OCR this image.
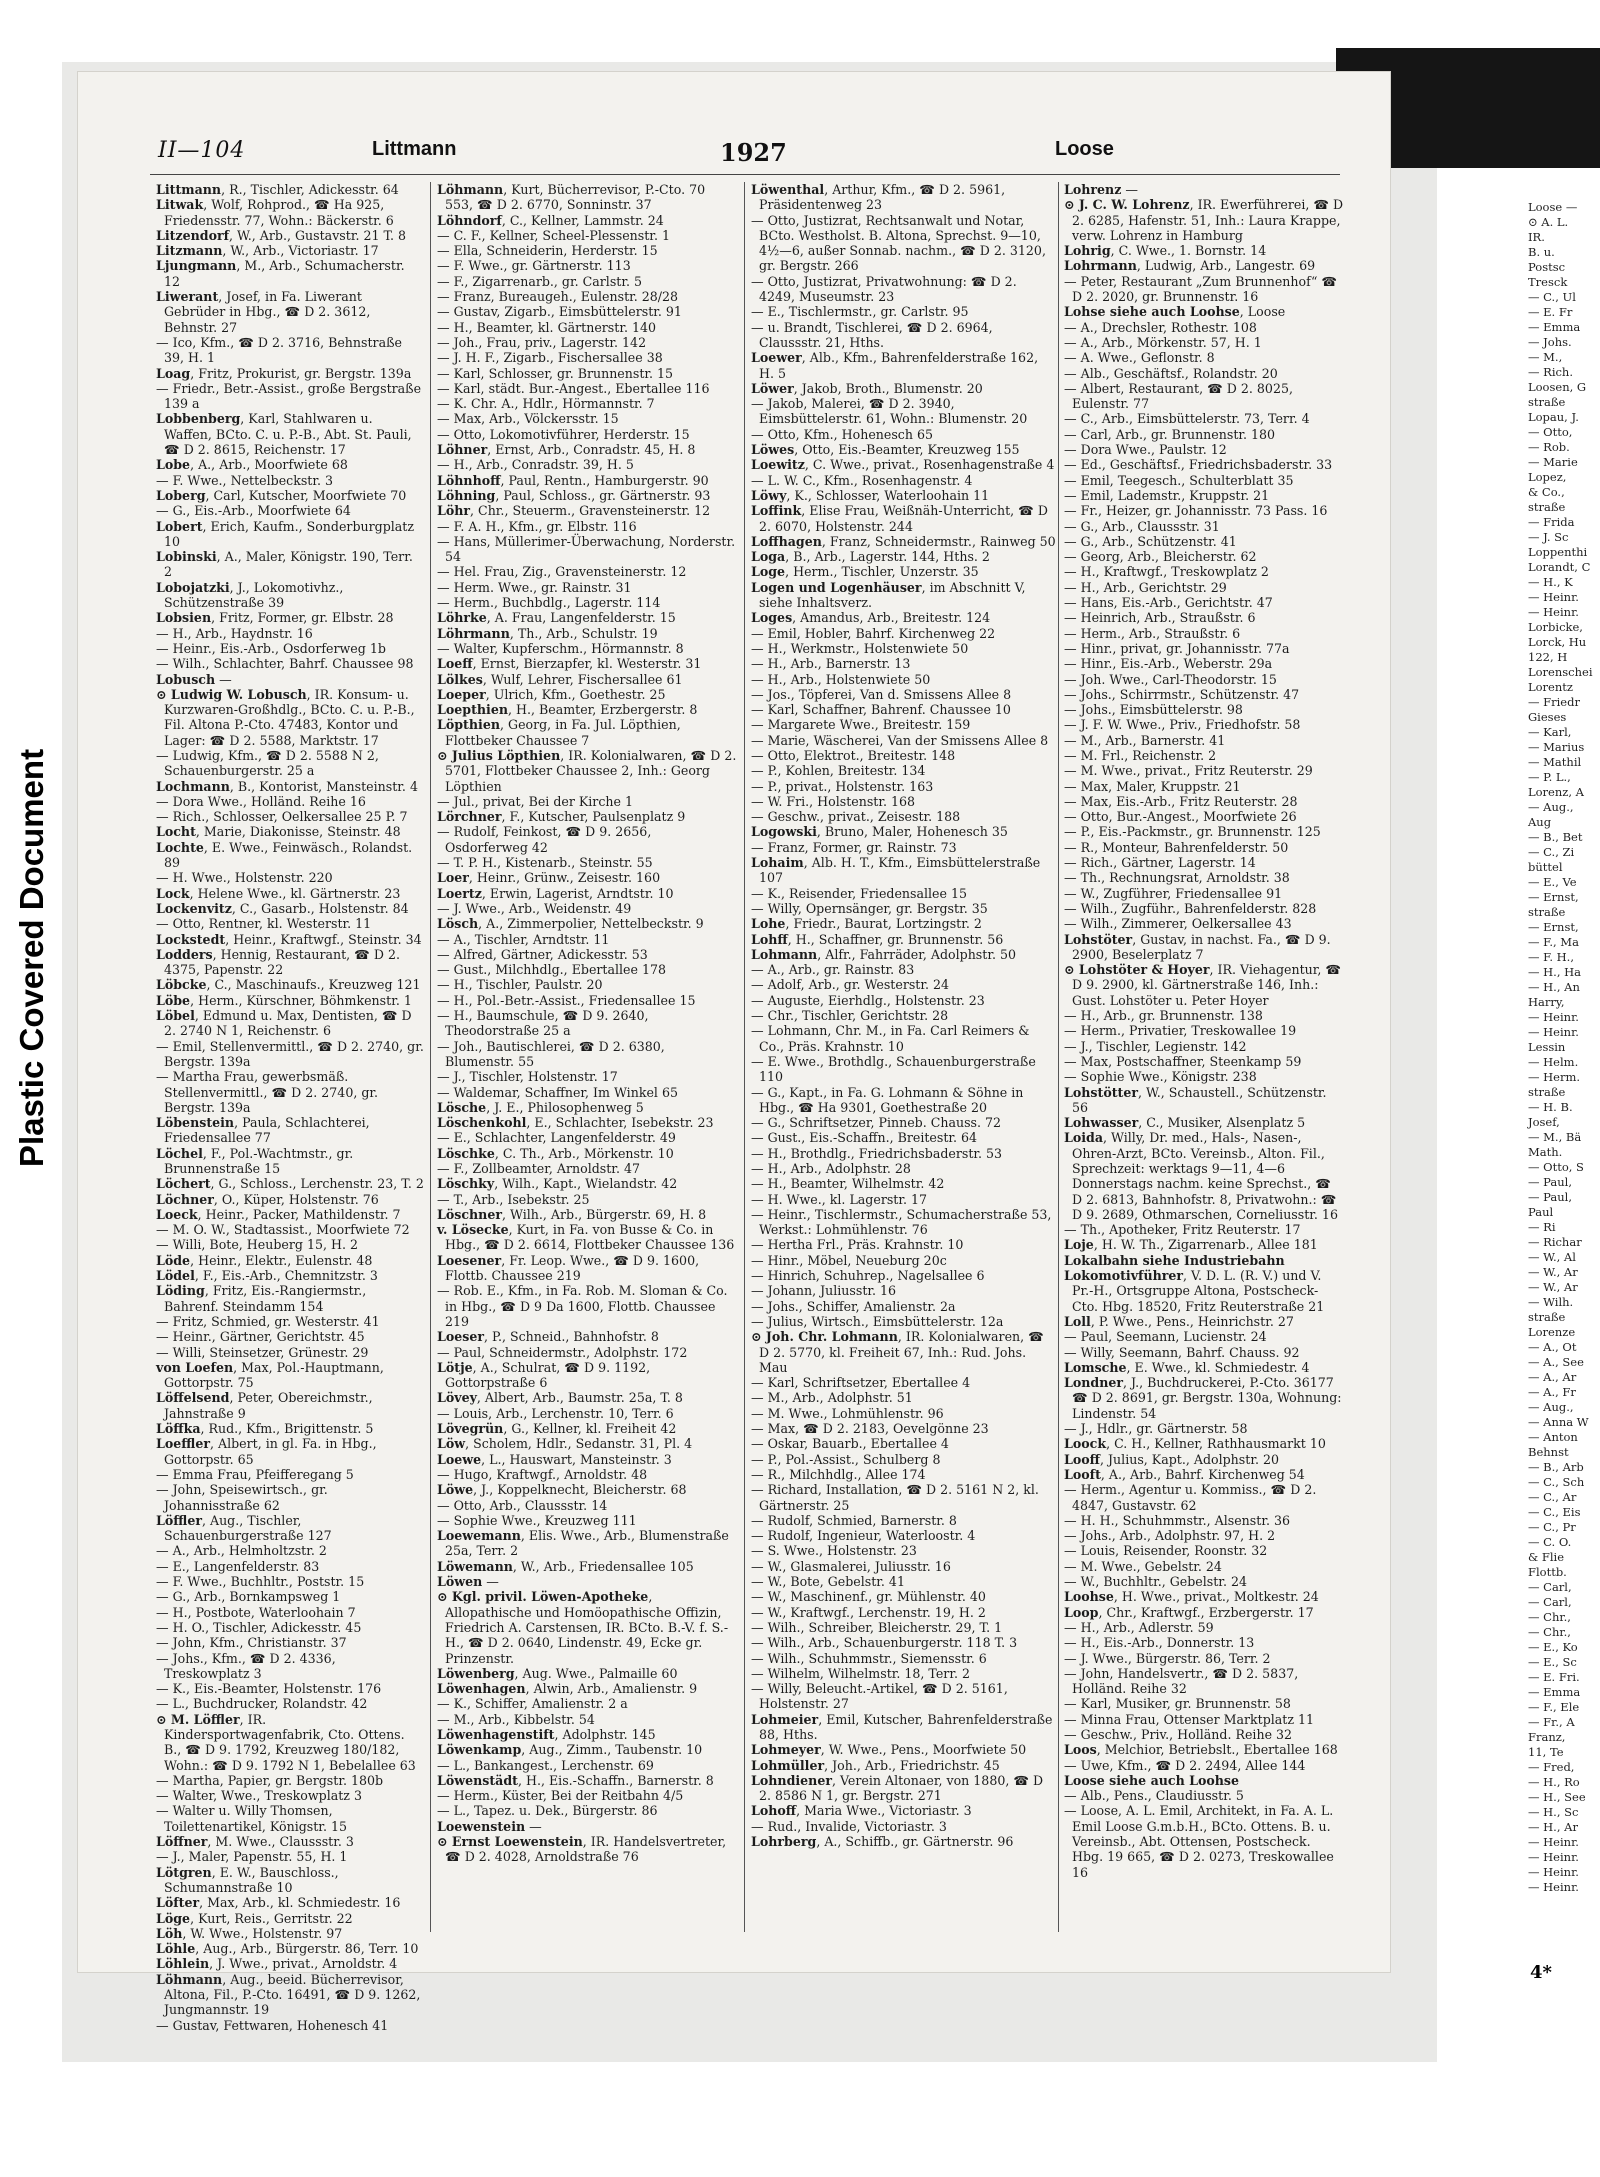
Plastic Covered Document
II—104	Littmann	1927	Loose

Littmann, R., Tischler, Adickesstr. 64

Litwak, Wolf, Rohprod., ☎ Ha 925, Friedensstr. 77, Wohn.: Bäckerstr. 6

Litzendorf, W., Arb., Gustavstr. 21 T. 8

Litzmann, W., Arb., Victoriastr. 17

Ljungmann, M., Arb., Schumacherstr. 12

Liwerant, Josef, in Fa. Liwerant Gebrüder in Hbg., ☎ D 2. 3612, Behnstr. 27

— Ico, Kfm., ☎ D 2. 3716, Behnstraße 39, H. 1

Loag, Fritz, Prokurist, gr. Bergstr. 139a

— Friedr., Betr.-Assist., große Bergstraße 139 a

Lobbenberg, Karl, Stahlwaren u. Waffen, BCto. C. u. P.-B., Abt. St. Pauli, ☎ D 2. 8615, Reichenstr. 17

Lobe, A., Arb., Moorfwiete 68

— F. Wwe., Nettelbeckstr. 3

Loberg, Carl, Kutscher, Moorfwiete 70

— G., Eis.-Arb., Moorfwiete 64

Lobert, Erich, Kaufm., Sonderburgplatz 10

Lobinski, A., Maler, Königstr. 190, Terr. 2

Lobojatzki, J., Lokomotivhz., Schützenstraße 39

Lobsien, Fritz, Former, gr. Elbstr. 28

— H., Arb., Haydnstr. 16

— Heinr., Eis.-Arb., Osdorferweg 1b

— Wilh., Schlachter, Bahrf. Chaussee 98

Lobusch —

⊙ Ludwig W. Lobusch, IR. Konsum- u. Kurzwaren-Großhdlg., BCto. C. u. P.-B., Fil. Altona P.-Cto. 47483, Kontor und Lager: ☎ D 2. 5588, Marktstr. 17

— Ludwig, Kfm., ☎ D 2. 5588 N 2, Schauenburgerstr. 25 a

Lochmann, B., Kontorist, Mansteinstr. 4

— Dora Wwe., Holländ. Reihe 16

— Rich., Schlosser, Oelkersallee 25 P. 7

Locht, Marie, Diakonisse, Steinstr. 48

Lochte, E. Wwe., Feinwäsch., Rolandst. 89

— H. Wwe., Holstenstr. 220

Lock, Helene Wwe., kl. Gärtnerstr. 23

Lockenvitz, C., Gasarb., Holstenstr. 84

— Otto, Rentner, kl. Westerstr. 11

Lockstedt, Heinr., Kraftwgf., Steinstr. 34

Lodders, Hennig, Restaurant, ☎ D 2. 4375, Papenstr. 22

Löbcke, C., Maschinaufs., Kreuzweg 121

Löbe, Herm., Kürschner, Böhmkenstr. 1

Löbel, Edmund u. Max, Dentisten, ☎ D 2. 2740 N 1, Reichenstr. 6

— Emil, Stellenvermittl., ☎ D 2. 2740, gr. Bergstr. 139a

— Martha Frau, gewerbsmäß. Stellenvermittl., ☎ D 2. 2740, gr. Bergstr. 139a

Löbenstein, Paula, Schlachterei, Friedensallee 77

Löchel, F., Pol.-Wachtmstr., gr. Brunnenstraße 15

Löchert, G., Schloss., Lerchenstr. 23, T. 2

Löchner, O., Küper, Holstenstr. 76

Loeck, Heinr., Packer, Mathildenstr. 7

— M. O. W., Stadtassist., Moorfwiete 72

— Willi, Bote, Heuberg 15, H. 2

Löde, Heinr., Elektr., Eulenstr. 48

Lödel, F., Eis.-Arb., Chemnitzstr. 3

Löding, Fritz, Eis.-Rangiermstr., Bahrenf. Steindamm 154

— Fritz, Schmied, gr. Westerstr. 41

— Heinr., Gärtner, Gerichtstr. 45

— Willi, Steinsetzer, Grünestr. 29

von Loefen, Max, Pol.-Hauptmann, Gottorpstr. 75

Löffelsend, Peter, Obereichmstr., Jahnstraße 9

Löffka, Rud., Kfm., Brigittenstr. 5

Loeffler, Albert, in gl. Fa. in Hbg., Gottorpstr. 65

— Emma Frau, Pfeifferegang 5

— John, Speisewirtsch., gr. Johannisstraße 62

Löffler, Aug., Tischler, Schauenburgerstraße 127

— A., Arb., Helmholtzstr. 2

— E., Langenfelderstr. 83

— F. Wwe., Buchhltr., Poststr. 15

— G., Arb., Bornkampsweg 1

— H., Postbote, Waterloohain 7

— H. O., Tischler, Adickesstr. 45

— John, Kfm., Christianstr. 37

— Johs., Kfm., ☎ D 2. 4336, Treskowplatz 3

— K., Eis.-Beamter, Holstenstr. 176

— L., Buchdrucker, Rolandstr. 42

⊙ M. Löffler, IR. Kindersportwagenfabrik, Cto. Ottens. B., ☎ D 9. 1792, Kreuzweg 180/182, Wohn.: ☎ D 9. 1792 N 1, Bebelallee 63

— Martha, Papier, gr. Bergstr. 180b

— Walter, Wwe., Treskowplatz 3

— Walter u. Willy Thomsen, Toilettenartikel, Königstr. 15

Löffner, M. Wwe., Claussstr. 3

— J., Maler, Papenstr. 55, H. 1

Lötgren, E. W., Bauschloss., Schumannstraße 10

Löfter, Max, Arb., kl. Schmiedestr. 16

Löge, Kurt, Reis., Gerritstr. 22

Löh, W. Wwe., Holstenstr. 97

Löhle, Aug., Arb., Bürgerstr. 86, Terr. 10

Löhlein, J. Wwe., privat., Arnoldstr. 4

Löhmann, Aug., beeid. Bücherrevisor, Altona, Fil., P.-Cto. 16491, ☎ D 9. 1262, Jungmannstr. 19

— Gustav, Fettwaren, Hohenesch 41

Löhmann, Kurt, Bücherrevisor, P.-Cto. 70 553, ☎ D 2. 6770, Sonninstr. 37

Löhndorf, C., Kellner, Lammstr. 24

— C. F., Kellner, Scheel-Plessenstr. 1

— Ella, Schneiderin, Herderstr. 15

— F. Wwe., gr. Gärtnerstr. 113

— F., Zigarrenarb., gr. Carlstr. 5

— Franz, Bureaugeh., Eulenstr. 28/28

— Gustav, Zigarb., Eimsbüttelerstr. 91

— H., Beamter, kl. Gärtnerstr. 140

— Joh., Frau, priv., Lagerstr. 142

— J. H. F., Zigarb., Fischersallee 38

— Karl, Schlosser, gr. Brunnenstr. 15

— Karl, städt. Bur.-Angest., Ebertallee 116

— K. Chr. A., Hdlr., Hörmannstr. 7

— Max, Arb., Völckersstr. 15

— Otto, Lokomotivführer, Herderstr. 15

Löhner, Ernst, Arb., Conradstr. 45, H. 8

— H., Arb., Conradstr. 39, H. 5

Löhnhoff, Paul, Rentn., Hamburgerstr. 90

Löhning, Paul, Schloss., gr. Gärtnerstr. 93

Löhr, Chr., Steuerm., Gravensteinerstr. 12

— F. A. H., Kfm., gr. Elbstr. 116

— Hans, Müllerimer-Überwachung, Norderstr. 54

— Hel. Frau, Zig., Gravensteinerstr. 12

— Herm. Wwe., gr. Rainstr. 31

— Herm., Buchbdlg., Lagerstr. 114

Löhrke, A. Frau, Langenfelderstr. 15

Löhrmann, Th., Arb., Schulstr. 19

— Walter, Kupferschm., Hörmannstr. 8

Loeff, Ernst, Bierzapfer, kl. Westerstr. 31

Lölkes, Wulf, Lehrer, Fischersallee 61

Loeper, Ulrich, Kfm., Goethestr. 25

Loepthien, H., Beamter, Erzbergerstr. 8

Löpthien, Georg, in Fa. Jul. Löpthien, Flottbeker Chaussee 7

⊙ Julius Löpthien, IR. Kolonialwaren, ☎ D 2. 5701, Flottbeker Chaussee 2, Inh.: Georg Löpthien

— Jul., privat, Bei der Kirche 1

Lörchner, F., Kutscher, Paulsenplatz 9

— Rudolf, Feinkost, ☎ D 9. 2656, Osdorferweg 42

— T. P. H., Kistenarb., Steinstr. 55

Loer, Heinr., Grünw., Zeisestr. 160

Loertz, Erwin, Lagerist, Arndtstr. 10

— J. Wwe., Arb., Weidenstr. 49

Lösch, A., Zimmerpolier, Nettelbeckstr. 9

— A., Tischler, Arndtstr. 11

— Alfred, Gärtner, Adickesstr. 53

— Gust., Milchhdlg., Ebertallee 178

— H., Tischler, Paulstr. 20

— H., Pol.-Betr.-Assist., Friedensallee 15

— H., Baumschule, ☎ D 9. 2640, Theodorstraße 25 a

— Joh., Bautischlerei, ☎ D 2. 6380, Blumenstr. 55

— J., Tischler, Holstenstr. 17

— Waldemar, Schaffner, Im Winkel 65

Lösche, J. E., Philosophenweg 5

Löschenkohl, E., Schlachter, Isebekstr. 23

— E., Schlachter, Langenfelderstr. 49

Löschke, C. Th., Arb., Mörkenstr. 10

— F., Zollbeamter, Arnoldstr. 47

Löschky, Wilh., Kapt., Wielandstr. 42

— T., Arb., Isebekstr. 25

Löschner, Wilh., Arb., Bürgerstr. 69, H. 8

v. Lösecke, Kurt, in Fa. von Busse & Co. in Hbg., ☎ D 2. 6614, Flottbeker Chaussee 136

Loesener, Fr. Leop. Wwe., ☎ D 9. 1600, Flottb. Chaussee 219

— Rob. E., Kfm., in Fa. Rob. M. Sloman & Co. in Hbg., ☎ D 9 Da 1600, Flottb. Chaussee 219

Loeser, P., Schneid., Bahnhofstr. 8

— Paul, Schneidermstr., Adolphstr. 172

Lötje, A., Schulrat, ☎ D 9. 1192, Gottorpstraße 6

Lövey, Albert, Arb., Baumstr. 25a, T. 8

— Louis, Arb., Lerchenstr. 10, Terr. 6

Lövegrün, G., Kellner, kl. Freiheit 42

Löw, Scholem, Hdlr., Sedanstr. 31, Pl. 4

Loewe, L., Hauswart, Mansteinstr. 3

— Hugo, Kraftwgf., Arnoldstr. 48

Löwe, J., Koppelknecht, Bleicherstr. 68

— Otto, Arb., Claussstr. 14

— Sophie Wwe., Kreuzweg 111

Loewemann, Elis. Wwe., Arb., Blumenstraße 25a, Terr. 2

Löwemann, W., Arb., Friedensallee 105

Löwen —

⊙ Kgl. privil. Löwen-Apotheke, Allopathische und Homöopathische Offizin, Friedrich A. Carstensen, IR. BCto. B.-V. f. S.-H., ☎ D 2. 0640, Lindenstr. 49, Ecke gr. Prinzenstr.

Löwenberg, Aug. Wwe., Palmaille 60

Löwenhagen, Alwin, Arb., Amalienstr. 9

— K., Schiffer, Amalienstr. 2 a

— M., Arb., Kibbelstr. 54

Löwenhagenstift, Adolphstr. 145

Löwenkamp, Aug., Zimm., Taubenstr. 10

— L., Bankangest., Lerchenstr. 69

Löwenstädt, H., Eis.-Schaffn., Barnerstr. 8

— Herm., Küster, Bei der Reitbahn 4/5

— L., Tapez. u. Dek., Bürgerstr. 86

Loewenstein —

⊙ Ernst Loewenstein, IR. Handelsvertreter, ☎ D 2. 4028, Arnoldstraße 76

Löwenthal, Arthur, Kfm., ☎ D 2. 5961, Präsidentenweg 23

— Otto, Justizrat, Rechtsanwalt und Notar, BCto. Westholst. B. Altona, Sprechst. 9—10, 4½—6, außer Sonnab. nachm., ☎ D 2. 3120, gr. Bergstr. 266

— Otto, Justizrat, Privatwohnung: ☎ D 2. 4249, Museumstr. 23

— E., Tischlermstr., gr. Carlstr. 95

— u. Brandt, Tischlerei, ☎ D 2. 6964, Claussstr. 21, Hths.

Loewer, Alb., Kfm., Bahrenfelderstraße 162, H. 5

Löwer, Jakob, Broth., Blumenstr. 20

— Jakob, Malerei, ☎ D 2. 3940, Eimsbüttelerstr. 61, Wohn.: Blumenstr. 20

— Otto, Kfm., Hohenesch 65

Löwes, Otto, Eis.-Beamter, Kreuzweg 155

Loewitz, C. Wwe., privat., Rosenhagenstraße 4

— L. W. C., Kfm., Rosenhagenstr. 4

Löwy, K., Schlosser, Waterloohain 11

Loffink, Elise Frau, Weißnäh-Unterricht, ☎ D 2. 6070, Holstenstr. 244

Loffhagen, Franz, Schneidermstr., Rainweg 50

Loga, B., Arb., Lagerstr. 144, Hths. 2

Loge, Herm., Tischler, Unzerstr. 35

Logen und Logenhäuser, im Abschnitt V, siehe Inhaltsverz.

Loges, Amandus, Arb., Breitestr. 124

— Emil, Hobler, Bahrf. Kirchenweg 22

— H., Werkmstr., Holstenwiete 50

— H., Arb., Barnerstr. 13

— H., Arb., Holstenwiete 50

— Jos., Töpferei, Van d. Smissens Allee 8

— Karl, Schaffner, Bahrenf. Chaussee 10

— Margarete Wwe., Breitestr. 159

— Marie, Wäscherei, Van der Smissens Allee 8

— Otto, Elektrot., Breitestr. 148

— P., Kohlen, Breitestr. 134

— P., privat., Holstenstr. 163

— W. Fri., Holstenstr. 168

— Geschw., privat., Zeisestr. 188

Logowski, Bruno, Maler, Hohenesch 35

— Franz, Former, gr. Rainstr. 73

Lohaim, Alb. H. T., Kfm., Eimsbüttelerstraße 107

— K., Reisender, Friedensallee 15

— Willy, Opernsänger, gr. Bergstr. 35

Lohe, Friedr., Baurat, Lortzingstr. 2

Lohff, H., Schaffner, gr. Brunnenstr. 56

Lohmann, Alfr., Fahrräder, Adolphstr. 50

— A., Arb., gr. Rainstr. 83

— Adolf, Arb., gr. Westerstr. 24

— Auguste, Eierhdlg., Holstenstr. 23

— Chr., Tischler, Gerichtstr. 28

— Lohmann, Chr. M., in Fa. Carl Reimers & Co., Präs. Krahnstr. 10

— E. Wwe., Brothdlg., Schauenburgerstraße 110

— G., Kapt., in Fa. G. Lohmann & Söhne in Hbg., ☎ Ha 9301, Goethestraße 20

— G., Schriftsetzer, Pinneb. Chauss. 72

— Gust., Eis.-Schaffn., Breitestr. 64

— H., Brothdlg., Friedrichsbaderstr. 53

— H., Arb., Adolphstr. 28

— H., Beamter, Wilhelmstr. 42

— H. Wwe., kl. Lagerstr. 17

— Heinr., Tischlermstr., Schumacherstraße 53, Werkst.: Lohmühlenstr. 76

— Hertha Frl., Präs. Krahnstr. 10

— Hinr., Möbel, Neueburg 20c

— Hinrich, Schuhrep., Nagelsallee 6

— Johann, Juliusstr. 16

— Johs., Schiffer, Amalienstr. 2a

— Julius, Wirtsch., Eimsbüttelerstr. 12a

⊙ Joh. Chr. Lohmann, IR. Kolonialwaren, ☎ D 2. 5770, kl. Freiheit 67, Inh.: Rud. Johs. Mau

— Karl, Schriftsetzer, Ebertallee 4

— M., Arb., Adolphstr. 51

— M. Wwe., Lohmühlenstr. 96

— Max, ☎ D 2. 2183, Oevelgönne 23

— Oskar, Bauarb., Ebertallee 4

— P., Pol.-Assist., Schulberg 8

— R., Milchhdlg., Allee 174

— Richard, Installation, ☎ D 2. 5161 N 2, kl. Gärtnerstr. 25

— Rudolf, Schmied, Barnerstr. 8

— Rudolf, Ingenieur, Waterloostr. 4

— S. Wwe., Holstenstr. 23

— W., Glasmalerei, Juliusstr. 16

— W., Bote, Gebelstr. 41

— W., Maschinenf., gr. Mühlenstr. 40

— W., Kraftwgf., Lerchenstr. 19, H. 2

— Wilh., Schreiber, Bleicherstr. 29, T. 1

— Wilh., Arb., Schauenburgerstr. 118 T. 3

— Wilh., Schuhmmstr., Siemensstr. 6

— Wilhelm, Wilhelmstr. 18, Terr. 2

— Willy, Beleucht.-Artikel, ☎ D 2. 5161, Holstenstr. 27

Lohmeier, Emil, Kutscher, Bahrenfelderstraße 88, Hths.

Lohmeyer, W. Wwe., Pens., Moorfwiete 50

Lohmüller, Joh., Arb., Friedrichstr. 45

Lohndiener, Verein Altonaer, von 1880, ☎ D 2. 8586 N 1, gr. Bergstr. 271

Lohoff, Maria Wwe., Victoriastr. 3

— Rud., Invalide, Victoriastr. 3

Lohrberg, A., Schiffb., gr. Gärtnerstr. 96

Lohrenz —

⊙ J. C. W. Lohrenz, IR. Ewerführerei, ☎ D 2. 6285, Hafenstr. 51, Inh.: Laura Krappe, verw. Lohrenz in Hamburg

Lohrig, C. Wwe., 1. Bornstr. 14

Lohrmann, Ludwig, Arb., Langestr. 69

— Peter, Restaurant „Zum Brunnenhof“ ☎ D 2. 2020, gr. Brunnenstr. 16

Lohse siehe auch Loohse, Loose

— A., Drechsler, Rothestr. 108

— A., Arb., Mörkenstr. 57, H. 1

— A. Wwe., Geflonstr. 8

— Alb., Geschäftsf., Rolandstr. 20

— Albert, Restaurant, ☎ D 2. 8025, Eulenstr. 77

— C., Arb., Eimsbüttelerstr. 73, Terr. 4

— Carl, Arb., gr. Brunnenstr. 180

— Dora Wwe., Paulstr. 12

— Ed., Geschäftsf., Friedrichsbaderstr. 33

— Emil, Teegesch., Schulterblatt 35

— Emil, Lademstr., Kruppstr. 21

— Fr., Heizer, gr. Johannisstr. 73 Pass. 16

— G., Arb., Claussstr. 31

— G., Arb., Schützenstr. 41

— Georg, Arb., Bleicherstr. 62

— H., Kraftwgf., Treskowplatz 2

— H., Arb., Gerichtstr. 29

— Hans, Eis.-Arb., Gerichtstr. 47

— Heinrich, Arb., Straußstr. 6

— Herm., Arb., Straußstr. 6

— Hinr., privat, gr. Johannisstr. 77a

— Hinr., Eis.-Arb., Weberstr. 29a

— Joh. Wwe., Carl-Theodorstr. 15

— Johs., Schirrmstr., Schützenstr. 47

— Johs., Eimsbüttelerstr. 98

— J. F. W. Wwe., Priv., Friedhofstr. 58

— M., Arb., Barnerstr. 41

— M. Frl., Reichenstr. 2

— M. Wwe., privat., Fritz Reuterstr. 29

— Max, Maler, Kruppstr. 21

— Max, Eis.-Arb., Fritz Reuterstr. 28

— Otto, Bur.-Angest., Moorfwiete 26

— P., Eis.-Packmstr., gr. Brunnenstr. 125

— R., Monteur, Bahrenfelderstr. 50

— Rich., Gärtner, Lagerstr. 14

— Th., Rechnungsrat, Arnoldstr. 38

— W., Zugführer, Friedensallee 91

— Wilh., Zugführ., Bahrenfelderstr. 828

— Wilh., Zimmerer, Oelkersallee 43

Lohstöter, Gustav, in nachst. Fa., ☎ D 9. 2900, Beselerplatz 7

⊙ Lohstöter & Hoyer, IR. Viehagentur, ☎ D 9. 2900, kl. Gärtnerstraße 146, Inh.: Gust. Lohstöter u. Peter Hoyer

— H., Arb., gr. Brunnenstr. 138

— Herm., Privatier, Treskowallee 19

— J., Tischler, Legienstr. 142

— Max, Postschaffner, Steenkamp 59

— Sophie Wwe., Königstr. 238

Lohstötter, W., Schaustell., Schützenstr. 56

Lohwasser, C., Musiker, Alsenplatz 5

Loida, Willy, Dr. med., Hals-, Nasen-, Ohren-Arzt, BCto. Vereinsb., Alton. Fil., Sprechzeit: werktags 9—11, 4—6 Donnerstags nachm. keine Sprechst., ☎ D 2. 6813, Bahnhofstr. 8, Privatwohn.: ☎ D 9. 2689, Othmarschen, Corneliusstr. 16

— Th., Apotheker, Fritz Reuterstr. 17

Loje, H. W. Th., Zigarrenarb., Allee 181

Lokalbahn siehe Industriebahn

Lokomotivführer, V. D. L. (R. V.) und V. Pr.-H., Ortsgruppe Altona, Postscheck-Cto. Hbg. 18520, Fritz Reuterstraße 21

Loll, P. Wwe., Pens., Heinrichstr. 27

— Paul, Seemann, Lucienstr. 24

— Willy, Seemann, Bahrf. Chauss. 92

Lomsche, E. Wwe., kl. Schmiedestr. 4

Londner, J., Buchdruckerei, P.-Cto. 36177 ☎ D 2. 8691, gr. Bergstr. 130a, Wohnung: Lindenstr. 54

— J., Hdlr., gr. Gärtnerstr. 58

Loock, C. H., Kellner, Rathhausmarkt 10

Looff, Julius, Kapt., Adolphstr. 20

Looft, A., Arb., Bahrf. Kirchenweg 54

— Herm., Agentur u. Kommiss., ☎ D 2. 4847, Gustavstr. 62

— H. H., Schuhmmstr., Alsenstr. 36

— Johs., Arb., Adolphstr. 97, H. 2

— Louis, Reisender, Roonstr. 32

— M. Wwe., Gebelstr. 24

— W., Buchhltr., Gebelstr. 24

Loohse, H. Wwe., privat., Moltkestr. 24

Loop, Chr., Kraftwgf., Erzbergerstr. 17

— H., Arb., Adlerstr. 59

— H., Eis.-Arb., Donnerstr. 13

— J. Wwe., Bürgerstr. 86, Terr. 2

— John, Handelsvertr., ☎ D 2. 5837, Holländ. Reihe 32

— Karl, Musiker, gr. Brunnenstr. 58

— Minna Frau, Ottenser Marktplatz 11

— Geschw., Priv., Holländ. Reihe 32

Loos, Melchior, Betriebslt., Ebertallee 168

— Uwe, Kfm., ☎ D 2. 2494, Allee 144

Loose siehe auch Loohse

— Alb., Pens., Claudiusstr. 5

— Loose, A. L. Emil, Architekt, in Fa. A. L. Emil Loose G.m.b.H., BCto. Ottens. B. u. Vereinsb., Abt. Ottensen, Postscheck. Hbg. 19 665, ☎ D 2. 0273, Treskowallee 16

Loose —

⊙ A. L.

IR.

B. u.

Postsc

Tresck

— C., Ul

— E. Fr

— Emma

— Johs.

— M.,

— Rich.

Loosen, G

straße

Lopau, J.

— Otto,

— Rob.

— Marie

Lopez,

& Co.,

straße

— Frida

— J. Sc

Loppenthi

Lorandt, C

— H., K

— Heinr.

— Heinr.

Lorbicke,

Lorck, Hu

122, H

Lorenschei

Lorentz

— Friedr

Gieses

— Karl,

— Marius

— Mathil

— P. L.,

Lorenz, A

— Aug.,

Aug

— B., Bet

— C., Zi

büttel

— E., Ve

— Ernst,

straße

— Ernst,

— F., Ma

— F. H.,

— H., Ha

— H., An

Harry,

— Heinr.

— Heinr.

Lessin

— Helm.

— Herm.

straße

— H. B.

Josef,

— M., Bä

Math.

— Otto, S

— Paul,

— Paul,

Paul

— Ri

— Richar

— W., Al

— W., Ar

— W., Ar

— Wilh.

straße

Lorenze

— A., Ot

— A., See

— A., Ar

— A., Fr

— Aug.,

— Anna W

— Anton

Behnst

— B., Arb

— C., Sch

— C., Ar

— C., Eis

— C., Pr

— C. O.

& Flie

Flottb.

— Carl,

— Carl,

— Chr.,

— Chr.,

— E., Ko

— E., Sc

— E. Fri.

— Emma

— F., Ele

— Fr., A

Franz,

11, Te

— Fred,

— H., Ro

— H., See

— H., Sc

— H., Ar

— Heinr.

— Heinr.

— Heinr.

— Heinr.

4*
